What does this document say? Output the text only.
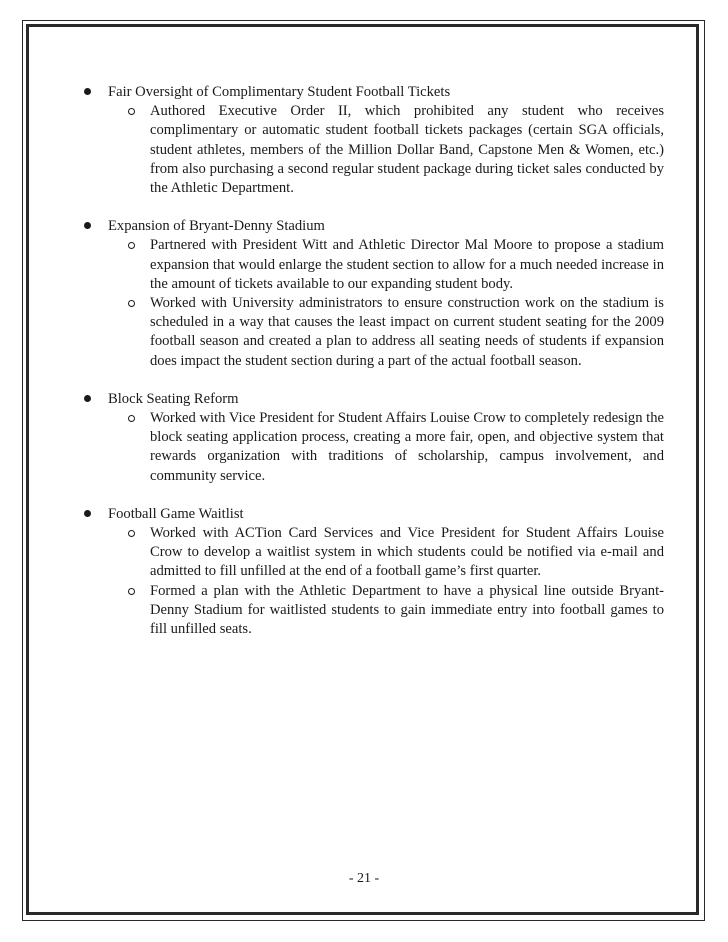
Fair Oversight of Complimentary Student Football Tickets
Authored Executive Order II, which prohibited any student who receives complimentary or automatic student football tickets packages (certain SGA officials, student athletes, members of the Million Dollar Band, Capstone Men & Women, etc.) from also purchasing a second regular student package during ticket sales conducted by the Athletic Department.
Expansion of Bryant-Denny Stadium
Partnered with President Witt and Athletic Director Mal Moore to propose a stadium expansion that would enlarge the student section to allow for a much needed increase in the amount of tickets available to our expanding student body.
Worked with University administrators to ensure construction work on the stadium is scheduled in a way that causes the least impact on current student seating for the 2009 football season and created a plan to address all seating needs of students if expansion does impact the student section during a part of the actual football season.
Block Seating Reform
Worked with Vice President for Student Affairs Louise Crow to completely redesign the block seating application process, creating a more fair, open, and objective system that rewards organization with traditions of scholarship, campus involvement, and community service.
Football Game Waitlist
Worked with ACTion Card Services and Vice President for Student Affairs Louise Crow to develop a waitlist system in which students could be notified via e-mail and admitted to fill unfilled at the end of a football game’s first quarter.
Formed a plan with the Athletic Department to have a physical line outside Bryant-Denny Stadium for waitlisted students to gain immediate entry into football games to fill unfilled seats.
- 21 -
